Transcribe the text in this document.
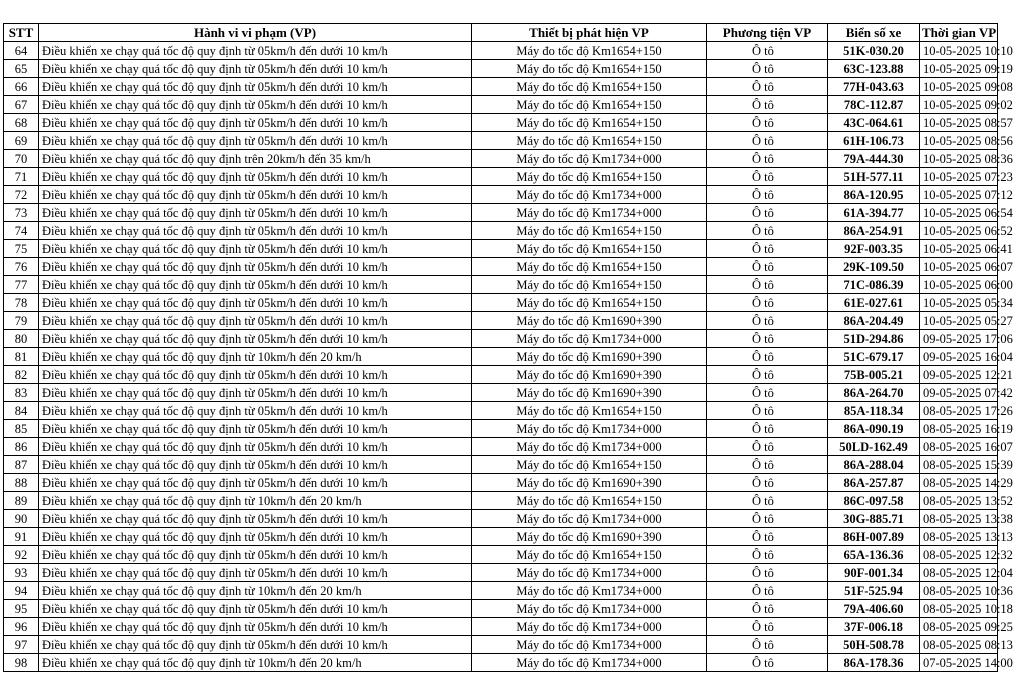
STT	Hành vi vi phạm (VP)	Thiết bị phát hiện VP	Phương tiện VP	Biển số xe	Thời gian VP
64	Điều khiển xe chạy quá tốc độ quy định từ 05km/h đến dưới 10 km/h	Máy đo tốc độ Km1654+150	Ô tô	51K-030.20	10-05-2025 10:10
65	Điều khiển xe chạy quá tốc độ quy định từ 05km/h đến dưới 10 km/h	Máy đo tốc độ Km1654+150	Ô tô	63C-123.88	10-05-2025 09:19
66	Điều khiển xe chạy quá tốc độ quy định từ 05km/h đến dưới 10 km/h	Máy đo tốc độ Km1654+150	Ô tô	77H-043.63	10-05-2025 09:08
67	Điều khiển xe chạy quá tốc độ quy định từ 05km/h đến dưới 10 km/h	Máy đo tốc độ Km1654+150	Ô tô	78C-112.87	10-05-2025 09:02
68	Điều khiển xe chạy quá tốc độ quy định từ 05km/h đến dưới 10 km/h	Máy đo tốc độ Km1654+150	Ô tô	43C-064.61	10-05-2025 08:57
69	Điều khiển xe chạy quá tốc độ quy định từ 05km/h đến dưới 10 km/h	Máy đo tốc độ Km1654+150	Ô tô	61H-106.73	10-05-2025 08:56
70	Điều khiển xe chạy quá tốc độ quy định trên 20km/h đến 35 km/h	Máy đo tốc độ Km1734+000	Ô tô	79A-444.30	10-05-2025 08:36
71	Điều khiển xe chạy quá tốc độ quy định từ 05km/h đến dưới 10 km/h	Máy đo tốc độ Km1654+150	Ô tô	51H-577.11	10-05-2025 07:23
72	Điều khiển xe chạy quá tốc độ quy định từ 05km/h đến dưới 10 km/h	Máy đo tốc độ Km1734+000	Ô tô	86A-120.95	10-05-2025 07:12
73	Điều khiển xe chạy quá tốc độ quy định từ 05km/h đến dưới 10 km/h	Máy đo tốc độ Km1734+000	Ô tô	61A-394.77	10-05-2025 06:54
74	Điều khiển xe chạy quá tốc độ quy định từ 05km/h đến dưới 10 km/h	Máy đo tốc độ Km1654+150	Ô tô	86A-254.91	10-05-2025 06:52
75	Điều khiển xe chạy quá tốc độ quy định từ 05km/h đến dưới 10 km/h	Máy đo tốc độ Km1654+150	Ô tô	92F-003.35	10-05-2025 06:41
76	Điều khiển xe chạy quá tốc độ quy định từ 05km/h đến dưới 10 km/h	Máy đo tốc độ Km1654+150	Ô tô	29K-109.50	10-05-2025 06:07
77	Điều khiển xe chạy quá tốc độ quy định từ 05km/h đến dưới 10 km/h	Máy đo tốc độ Km1654+150	Ô tô	71C-086.39	10-05-2025 06:00
78	Điều khiển xe chạy quá tốc độ quy định từ 05km/h đến dưới 10 km/h	Máy đo tốc độ Km1654+150	Ô tô	61E-027.61	10-05-2025 05:34
79	Điều khiển xe chạy quá tốc độ quy định từ 05km/h đến dưới 10 km/h	Máy đo tốc độ Km1690+390	Ô tô	86A-204.49	10-05-2025 05:27
80	Điều khiển xe chạy quá tốc độ quy định từ 05km/h đến dưới 10 km/h	Máy đo tốc độ Km1734+000	Ô tô	51D-294.86	09-05-2025 17:06
81	Điều khiển xe chạy quá tốc độ quy định từ 10km/h đến 20 km/h	Máy đo tốc độ Km1690+390	Ô tô	51C-679.17	09-05-2025 16:04
82	Điều khiển xe chạy quá tốc độ quy định từ 05km/h đến dưới 10 km/h	Máy đo tốc độ Km1690+390	Ô tô	75B-005.21	09-05-2025 12:21
83	Điều khiển xe chạy quá tốc độ quy định từ 05km/h đến dưới 10 km/h	Máy đo tốc độ Km1690+390	Ô tô	86A-264.70	09-05-2025 07:42
84	Điều khiển xe chạy quá tốc độ quy định từ 05km/h đến dưới 10 km/h	Máy đo tốc độ Km1654+150	Ô tô	85A-118.34	08-05-2025 17:26
85	Điều khiển xe chạy quá tốc độ quy định từ 05km/h đến dưới 10 km/h	Máy đo tốc độ Km1734+000	Ô tô	86A-090.19	08-05-2025 16:19
86	Điều khiển xe chạy quá tốc độ quy định từ 05km/h đến dưới 10 km/h	Máy đo tốc độ Km1734+000	Ô tô	50LD-162.49	08-05-2025 16:07
87	Điều khiển xe chạy quá tốc độ quy định từ 05km/h đến dưới 10 km/h	Máy đo tốc độ Km1654+150	Ô tô	86A-288.04	08-05-2025 15:39
88	Điều khiển xe chạy quá tốc độ quy định từ 05km/h đến dưới 10 km/h	Máy đo tốc độ Km1690+390	Ô tô	86A-257.87	08-05-2025 14:29
89	Điều khiển xe chạy quá tốc độ quy định từ 10km/h đến 20 km/h	Máy đo tốc độ Km1654+150	Ô tô	86C-097.58	08-05-2025 13:52
90	Điều khiển xe chạy quá tốc độ quy định từ 05km/h đến dưới 10 km/h	Máy đo tốc độ Km1734+000	Ô tô	30G-885.71	08-05-2025 13:38
91	Điều khiển xe chạy quá tốc độ quy định từ 05km/h đến dưới 10 km/h	Máy đo tốc độ Km1690+390	Ô tô	86H-007.89	08-05-2025 13:13
92	Điều khiển xe chạy quá tốc độ quy định từ 05km/h đến dưới 10 km/h	Máy đo tốc độ Km1654+150	Ô tô	65A-136.36	08-05-2025 12:32
93	Điều khiển xe chạy quá tốc độ quy định từ 05km/h đến dưới 10 km/h	Máy đo tốc độ Km1734+000	Ô tô	90F-001.34	08-05-2025 12:04
94	Điều khiển xe chạy quá tốc độ quy định từ 10km/h đến 20 km/h	Máy đo tốc độ Km1734+000	Ô tô	51F-525.94	08-05-2025 10:36
95	Điều khiển xe chạy quá tốc độ quy định từ 05km/h đến dưới 10 km/h	Máy đo tốc độ Km1734+000	Ô tô	79A-406.60	08-05-2025 10:18
96	Điều khiển xe chạy quá tốc độ quy định từ 05km/h đến dưới 10 km/h	Máy đo tốc độ Km1734+000	Ô tô	37F-006.18	08-05-2025 09:25
97	Điều khiển xe chạy quá tốc độ quy định từ 05km/h đến dưới 10 km/h	Máy đo tốc độ Km1734+000	Ô tô	50H-508.78	08-05-2025 08:13
98	Điều khiển xe chạy quá tốc độ quy định từ 10km/h đến 20 km/h	Máy đo tốc độ Km1734+000	Ô tô	86A-178.36	07-05-2025 14:00
